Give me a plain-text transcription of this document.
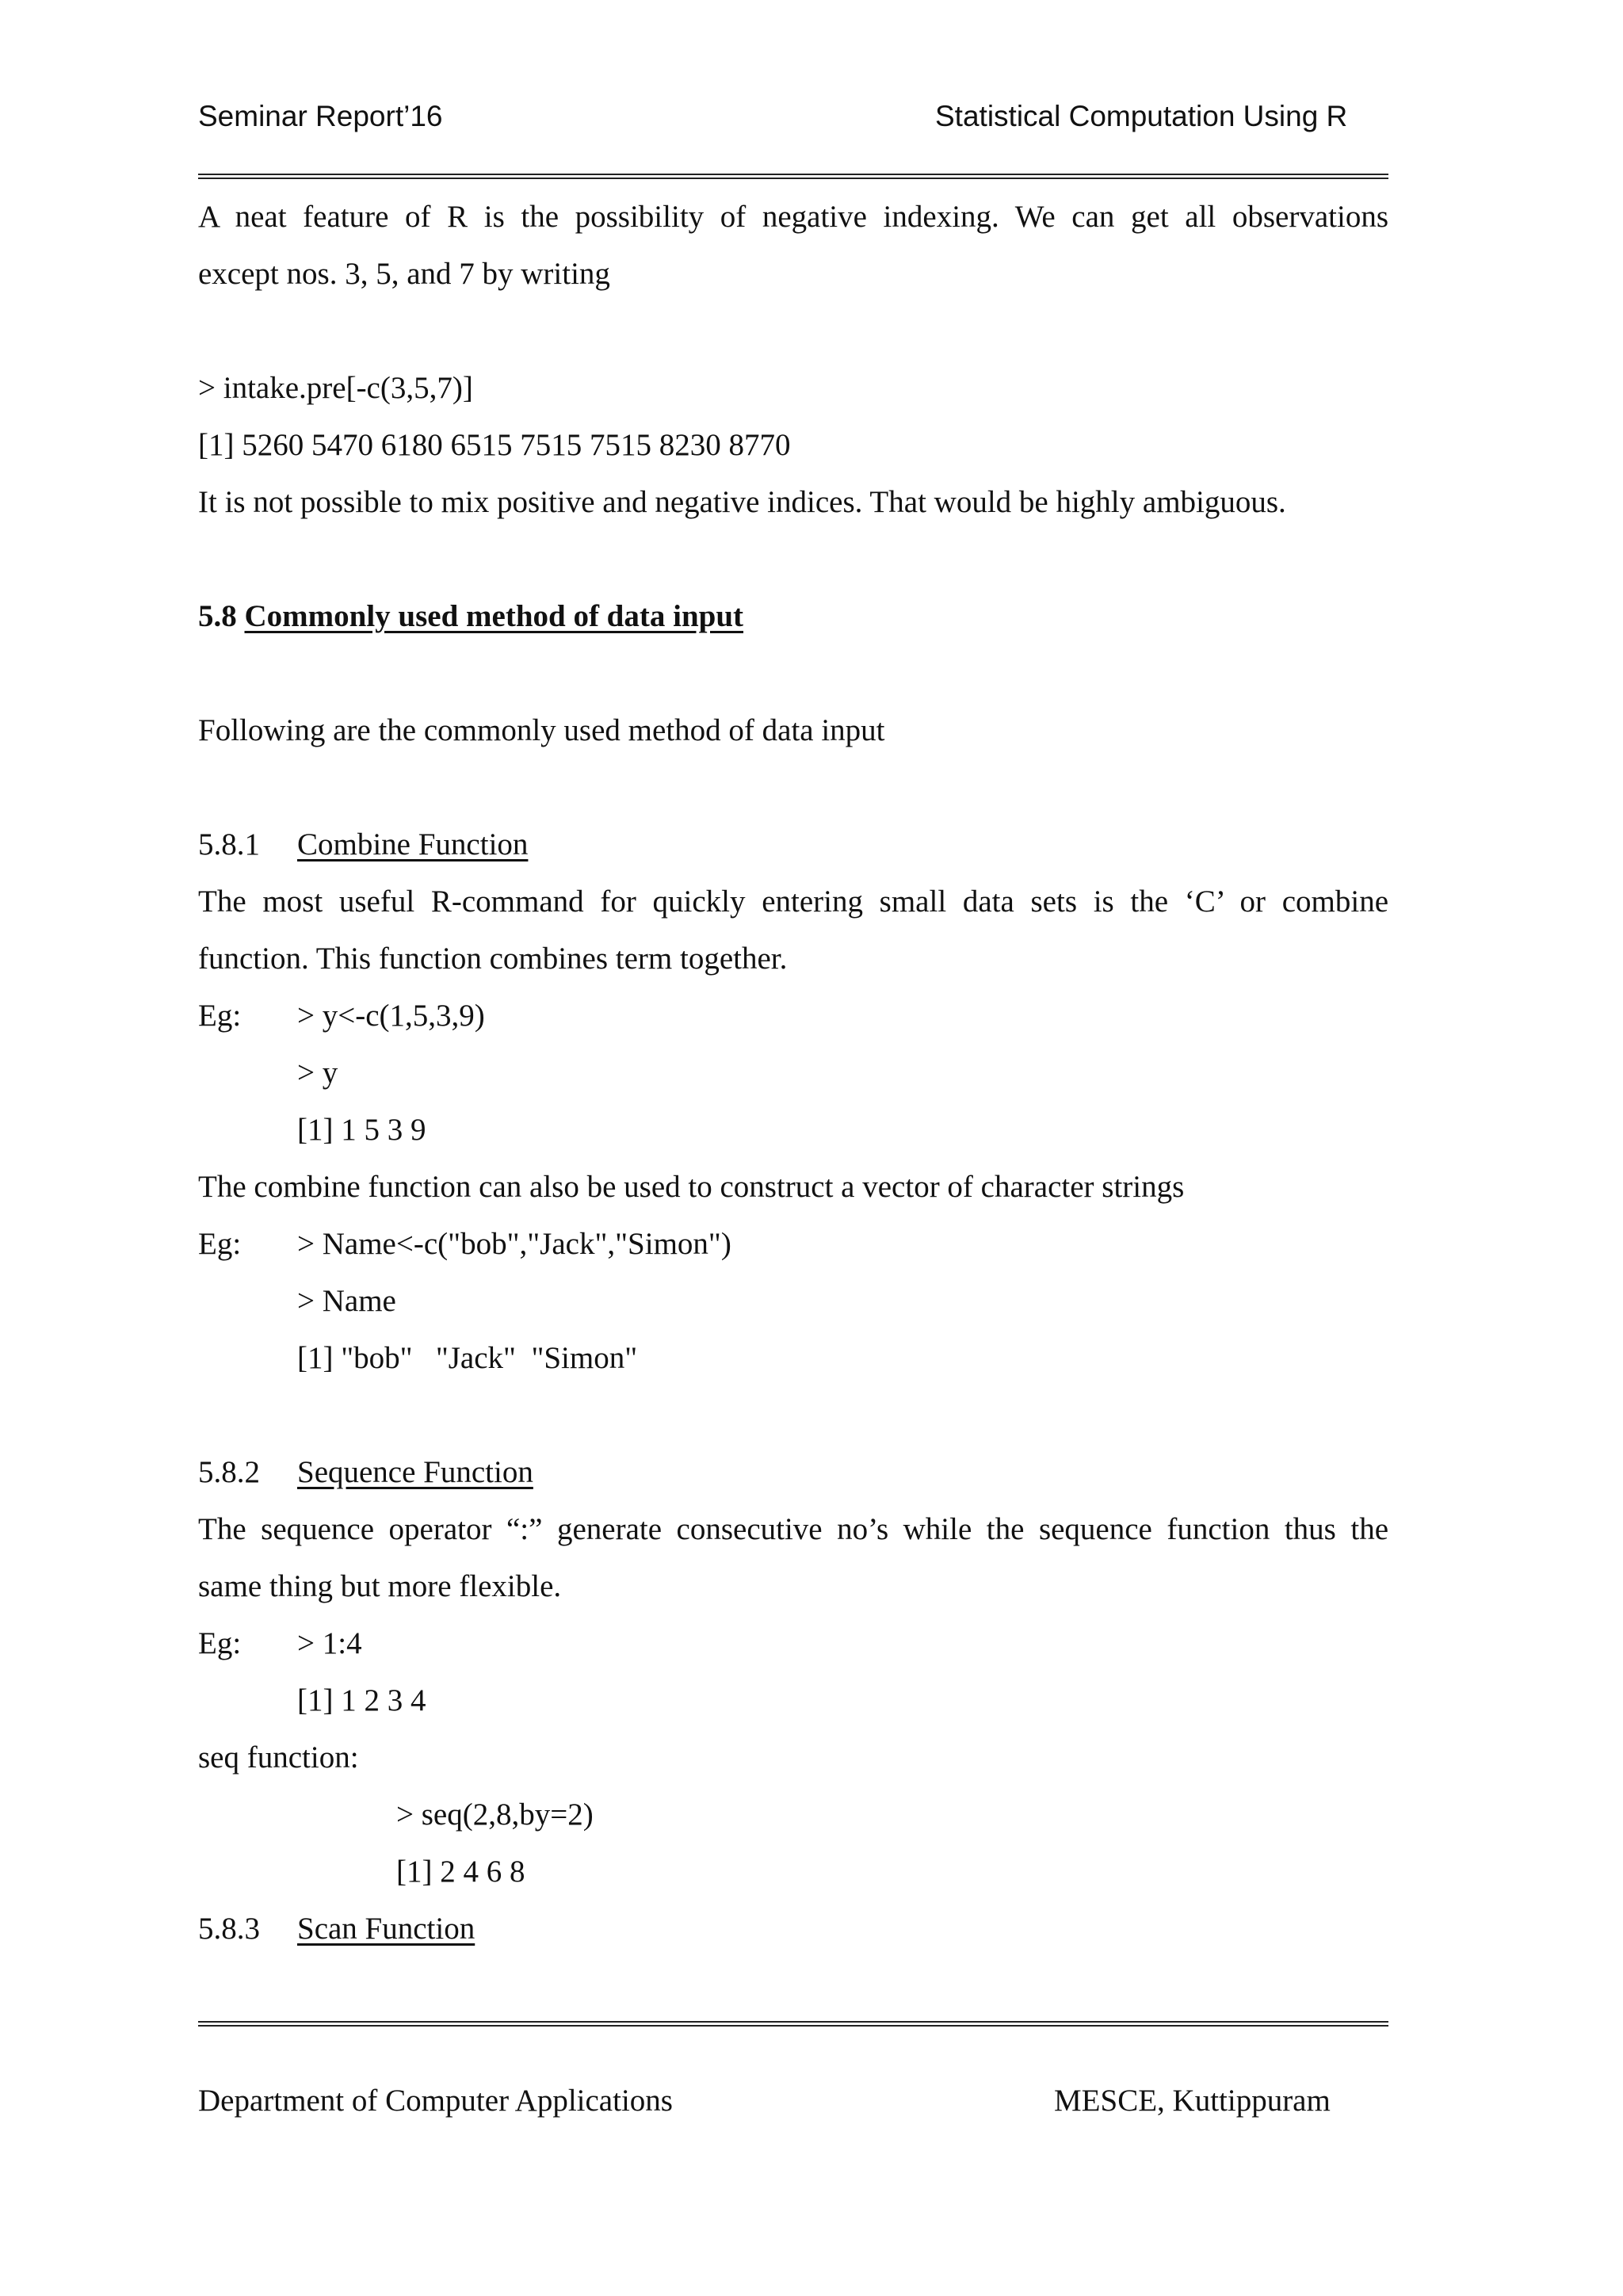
Seminar Report’16	Statistical Computation Using R
A neat feature of R is the possibility of negative indexing. We can get all observations
except nos. 3, 5, and 7 by writing
> intake.pre[-c(3,5,7)]
[1] 5260 5470 6180 6515 7515 7515 8230 8770
It is not possible to mix positive and negative indices. That would be highly ambiguous.
5.8 Commonly used method of data input
Following are the commonly used method of data input
5.8.1 Combine Function
The most useful R-command for quickly entering small data sets is the ‘C’ or combine
function. This function combines term together.
Eg: > y<-c(1,5,3,9)
> y
[1] 1 5 3 9
The combine function can also be used to construct a vector of character strings
Eg: > Name<-c("bob","Jack","Simon")
> Name
[1] "bob"   "Jack"  "Simon"
5.8.2 Sequence Function
The sequence operator “:” generate consecutive no’s while the sequence function thus the
same thing but more flexible.
Eg: > 1:4
[1] 1 2 3 4
seq function:
> seq(2,8,by=2)
[1] 2 4 6 8
5.8.3 Scan Function
Department of Computer Applications	MESCE, Kuttippuram
